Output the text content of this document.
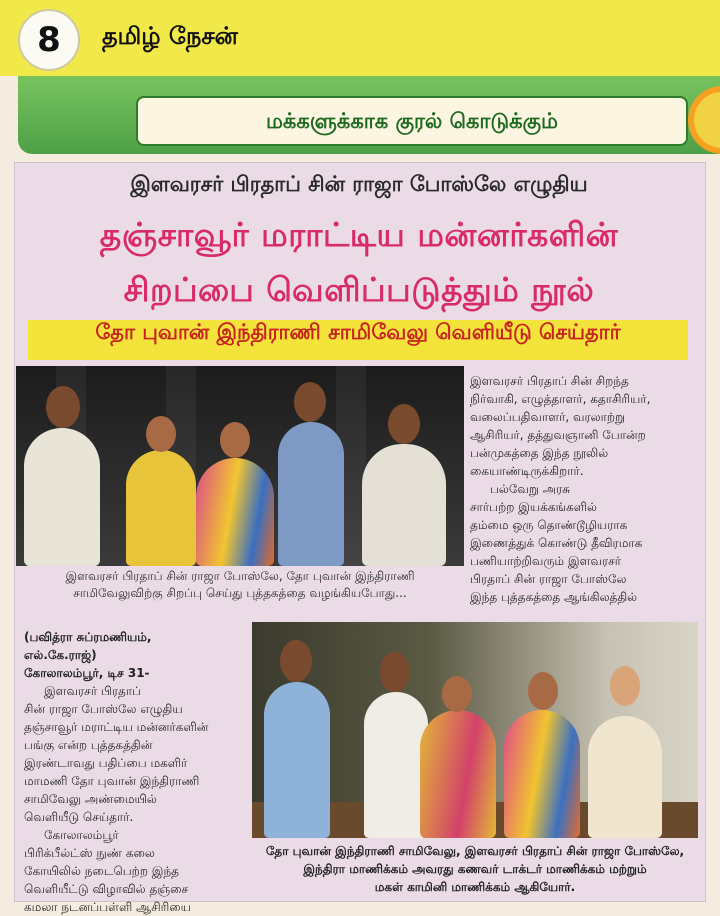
8	தமிழ் நேசன்
மக்களுக்காக குரல் கொடுக்கும்
இளவரசர் பிரதாப் சின் ராஜா போஸ்லே எழுதிய
தஞ்சாவூர் மராட்டிய மன்னர்களின்
சிறப்பை வெளிப்படுத்தும் நூல்
தோ புவான் இந்திராணி சாமிவேலு வெளியீடு செய்தார்
இளவரசர் பிரதாப் சின் ராஜா போஸ்லே, தோ புவான் இந்திராணி
சாமிவேலுவிற்கு சிறப்பு செய்து புத்தகத்தை வழங்கியபோது...
இளவரசர் பிரதாப் சின் சிறந்த
நிர்வாகி, எழுத்தாளர், கதாசிரியர்,
வலைப்பதிவாளர், வரலாற்று
ஆசிரியர், தத்துவஞானி போன்ற
பன்முகத்தை இந்த நூலில்
கையாண்டிருக்கிறார்.
பல்வேறு அரசு
சார்பற்ற இயக்கங்களில்
தம்மை ஒரு தொண்டூழியராக
இணைத்துக் கொண்டு தீவிரமாக
பணியாற்றிவரும் இளவரசர்
பிரதாப் சின் ராஜா போஸ்லே
இந்த புத்தகத்தை ஆங்கிலத்தில்
(பவித்ரா சுப்ரமணியம்,
எல்.கே.ராஜ்)
கோலாலம்பூர், டிச 31-
இளவரசர் பிரதாப்
சின் ராஜா போஸ்லே எழுதிய
தஞ்சாவூர் மராட்டிய மன்னர்களின்
பங்கு என்ற புத்தகத்தின்
இரண்டாவது பதிப்பை மகளிர்
மாமணி தோ புவான் இந்திராணி
சாமிவேலு அண்மையில்
வெளியீடு செய்தார்.
கோலாலம்பூர்
பிரிக்பீல்ட்ஸ் நுண் கலை
கோயிலில் நடைபெற்ற இந்த
வெளியீட்டு விழாவில் தஞ்சை
கமலா நடனப்பள்ளி ஆசிரியை
தோ புவான் இந்திராணி சாமிவேலு, இளவரசர் பிரதாப் சின் ராஜா போஸ்லே,
இந்திரா மாணிக்கம் அவரது கணவர் டாக்டர் மாணிக்கம் மற்றும்
மகள் காமினி மாணிக்கம் ஆகியோர்.
